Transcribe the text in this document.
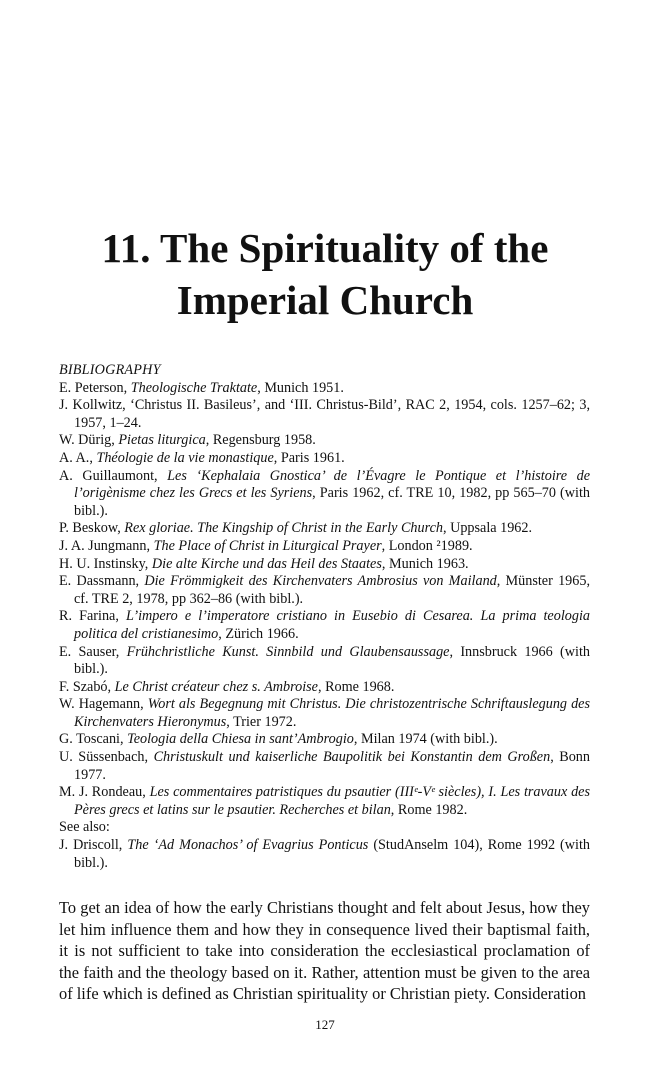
11. The Spirituality of the
Imperial Church
BIBLIOGRAPHY
E. Peterson, Theologische Traktate, Munich 1951.
J. Kollwitz, ‘Christus II. Basileus’, and ‘III. Christus-Bild’, RAC 2, 1954, cols. 1257–62; 3, 1957, 1–24.
W. Dürig, Pietas liturgica, Regensburg 1958.
A. A., Théologie de la vie monastique, Paris 1961.
A. Guillaumont, Les ‘Kephalaia Gnostica’ de l’Évagre le Pontique et l’histoire de l’origènisme chez les Grecs et les Syriens, Paris 1962, cf. TRE 10, 1982, pp 565–70 (with bibl.).
P. Beskow, Rex gloriae. The Kingship of Christ in the Early Church, Uppsala 1962.
J. A. Jungmann, The Place of Christ in Liturgical Prayer, London ²1989.
H. U. Instinsky, Die alte Kirche und das Heil des Staates, Munich 1963.
E. Dassmann, Die Frömmigkeit des Kirchenvaters Ambrosius von Mailand, Münster 1965, cf. TRE 2, 1978, pp 362–86 (with bibl.).
R. Farina, L’impero e l’imperatore cristiano in Eusebio di Cesarea. La prima teologia politica del cristianesimo, Zürich 1966.
E. Sauser, Frühchristliche Kunst. Sinnbild und Glaubensaussage, Innsbruck 1966 (with bibl.).
F. Szabó, Le Christ créateur chez s. Ambroise, Rome 1968.
W. Hagemann, Wort als Begegnung mit Christus. Die christozentrische Schriftauslegung des Kirchenvaters Hieronymus, Trier 1972.
G. Toscani, Teologia della Chiesa in sant’Ambrogio, Milan 1974 (with bibl.).
U. Süssenbach, Christuskult und kaiserliche Baupolitik bei Konstantin dem Großen, Bonn 1977.
M. J. Rondeau, Les commentaires patristiques du psautier (IIIᵉ-Vᵉ siècles), I. Les travaux des Pères grecs et latins sur le psautier. Recherches et bilan, Rome 1982.
See also:
J. Driscoll, The ‘Ad Monachos’ of Evagrius Ponticus (StudAnselm 104), Rome 1992 (with bibl.).

To get an idea of how the early Christians thought and felt about Jesus, how they let him influence them and how they in consequence lived their baptismal faith, it is not sufficient to take into consideration the ecclesiastical proclamation of the faith and the theology based on it. Rather, attention must be given to the area of life which is defined as Christian spirituality or Christian piety. Consideration

127
